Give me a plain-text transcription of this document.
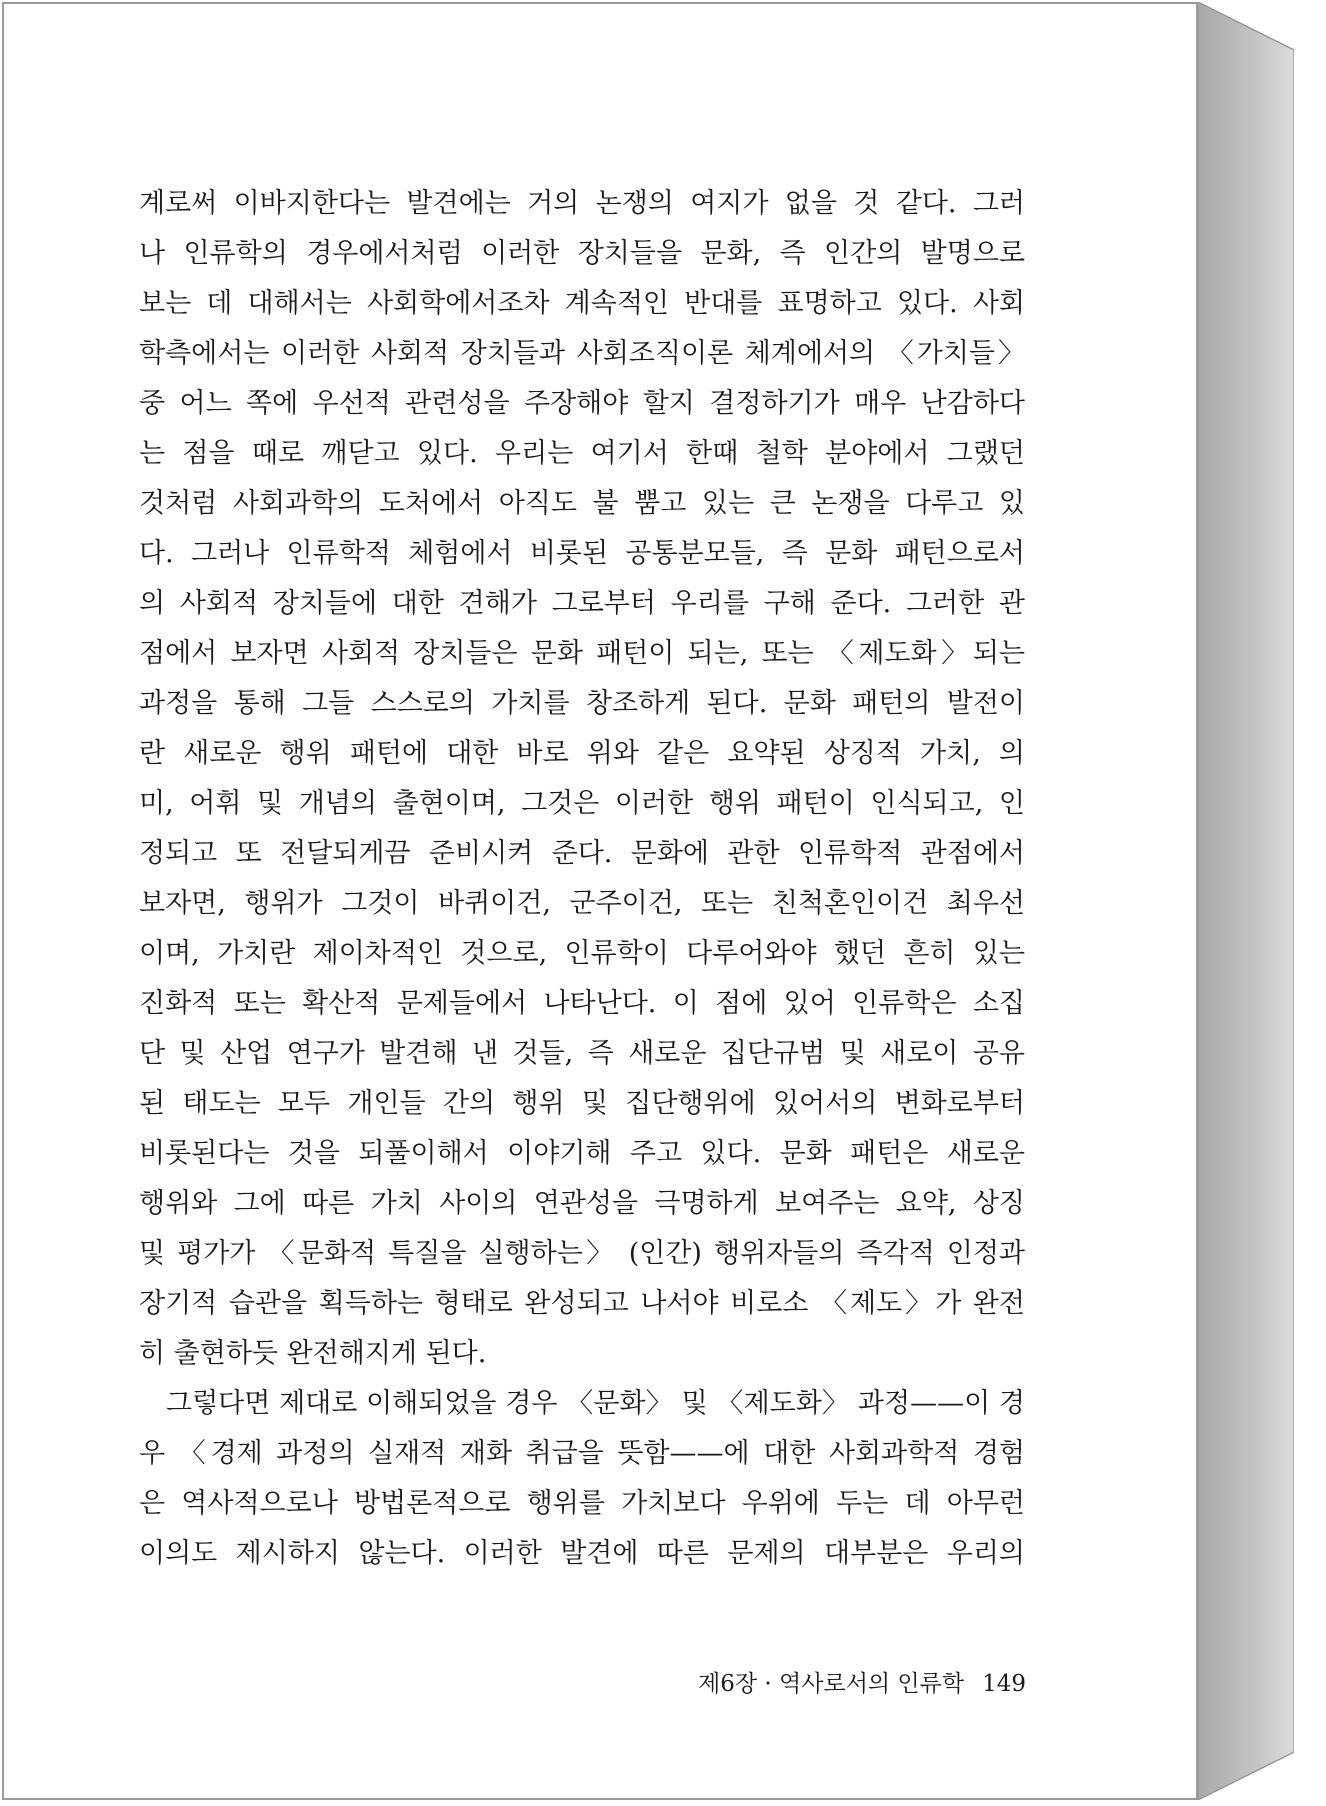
계로써 이바지한다는 발견에는 거의 논쟁의 여지가 없을 것 같다. 그러
나 인류학의 경우에서처럼 이러한 장치들을 문화, 즉 인간의 발명으로
보는 데 대해서는 사회학에서조차 계속적인 반대를 표명하고 있다. 사회
학측에서는 이러한 사회적 장치들과 사회조직이론 체계에서의 〈가치들〉
중 어느 쪽에 우선적 관련성을 주장해야 할지 결정하기가 매우 난감하다
는 점을 때로 깨닫고 있다. 우리는 여기서 한때 철학 분야에서 그랬던
것처럼 사회과학의 도처에서 아직도 불 뿜고 있는 큰 논쟁을 다루고 있
다. 그러나 인류학적 체험에서 비롯된 공통분모들, 즉 문화 패턴으로서
의 사회적 장치들에 대한 견해가 그로부터 우리를 구해 준다. 그러한 관
점에서 보자면 사회적 장치들은 문화 패턴이 되는, 또는 〈제도화〉되는
과정을 통해 그들 스스로의 가치를 창조하게 된다. 문화 패턴의 발전이
란 새로운 행위 패턴에 대한 바로 위와 같은 요약된 상징적 가치, 의
미, 어휘 및 개념의 출현이며, 그것은 이러한 행위 패턴이 인식되고, 인
정되고 또 전달되게끔 준비시켜 준다. 문화에 관한 인류학적 관점에서
보자면, 행위가 그것이 바퀴이건, 군주이건, 또는 친척혼인이건 최우선
이며, 가치란 제이차적인 것으로, 인류학이 다루어와야 했던 흔히 있는
진화적 또는 확산적 문제들에서 나타난다. 이 점에 있어 인류학은 소집
단 및 산업 연구가 발견해 낸 것들, 즉 새로운 집단규범 및 새로이 공유
된 태도는 모두 개인들 간의 행위 및 집단행위에 있어서의 변화로부터
비롯된다는 것을 되풀이해서 이야기해 주고 있다. 문화 패턴은 새로운
행위와 그에 따른 가치 사이의 연관성을 극명하게 보여주는 요약, 상징
및 평가가 〈문화적 특질을 실행하는〉 (인간) 행위자들의 즉각적 인정과
장기적 습관을 획득하는 형태로 완성되고 나서야 비로소 〈제도〉가 완전
히 출현하듯 완전해지게 된다.
그렇다면 제대로 이해되었을 경우 〈문화〉 및 〈제도화〉 과정——이 경
우 〈경제 과정의 실재적 재화 취급을 뜻함——에 대한 사회과학적 경험
은 역사적으로나 방법론적으로 행위를 가치보다 우위에 두는 데 아무런
이의도 제시하지 않는다. 이러한 발견에 따른 문제의 대부분은 우리의
제6장 · 역사로서의 인류학 149
